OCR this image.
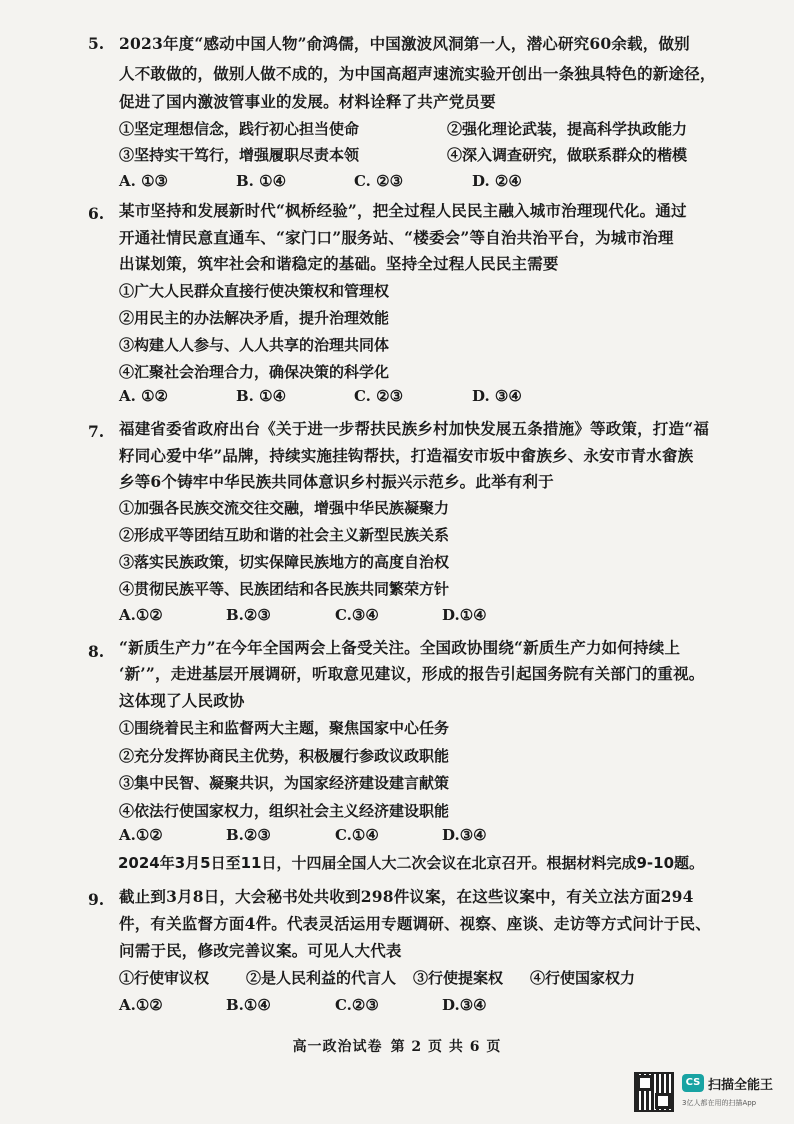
5. 2023年度“感动中国人物”俞鸿儒，中国激波风洞第一人，潜心研究60余载，做别
人不敢做的，做别人做不成的，为中国高超声速流实验开创出一条独具特色的新途径，
促进了国内激波管事业的发展。材料诠释了共产党员要
①坚定理想信念，践行初心担当使命	②强化理论武装，提高科学执政能力
③坚持实干笃行，增强履职尽责本领	④深入调查研究，做联系群众的楷模
A. ①③	B. ①④	C. ②③	D. ②④
6. 某市坚持和发展新时代“枫桥经验”，把全过程人民民主融入城市治理现代化。通过
开通社情民意直通车、“家门口”服务站、“楼委会”等自治共治平台，为城市治理
出谋划策，筑牢社会和谐稳定的基础。坚持全过程人民民主需要
①广大人民群众直接行使决策权和管理权
②用民主的办法解决矛盾，提升治理效能
③构建人人参与、人人共享的治理共同体
④汇聚社会治理合力，确保决策的科学化
A. ①②	B. ①④	C. ②③	D. ③④
7. 福建省委省政府出台《关于进一步帮扶民族乡村加快发展五条措施》等政策，打造“福
籽同心爱中华”品牌，持续实施挂钩帮扶，打造福安市坂中畲族乡、永安市青水畲族
乡等6个铸牢中华民族共同体意识乡村振兴示范乡。此举有利于
①加强各民族交流交往交融，增强中华民族凝聚力
②形成平等团结互助和谐的社会主义新型民族关系
③落实民族政策，切实保障民族地方的高度自治权
④贯彻民族平等、民族团结和各民族共同繁荣方针
A.①②	B.②③	C.③④	D.①④
8. “新质生产力”在今年全国两会上备受关注。全国政协围绕“新质生产力如何持续上
‘新’”，走进基层开展调研，听取意见建议，形成的报告引起国务院有关部门的重视。
这体现了人民政协
①围绕着民主和监督两大主题，聚焦国家中心任务
②充分发挥协商民主优势，积极履行参政议政职能
③集中民智、凝聚共识，为国家经济建设建言献策
④依法行使国家权力，组织社会主义经济建设职能
A.①②	B.②③	C.①④	D.③④
2024年3月5日至11日，十四届全国人大二次会议在北京召开。根据材料完成9-10题。
9. 截止到3月8日，大会秘书处共收到298件议案，在这些议案中，有关立法方面294
件，有关监督方面4件。代表灵活运用专题调研、视察、座谈、走访等方式问计于民、
问需于民，修改完善议案。可见人大代表
①行使审议权 ②是人民利益的代言人 ③行使提案权 ④行使国家权力
A.①②	B.①④	C.②③	D.③④
高一政治试卷 第 2 页 共 6 页
CS 扫描全能王
3亿人都在用的扫描App
